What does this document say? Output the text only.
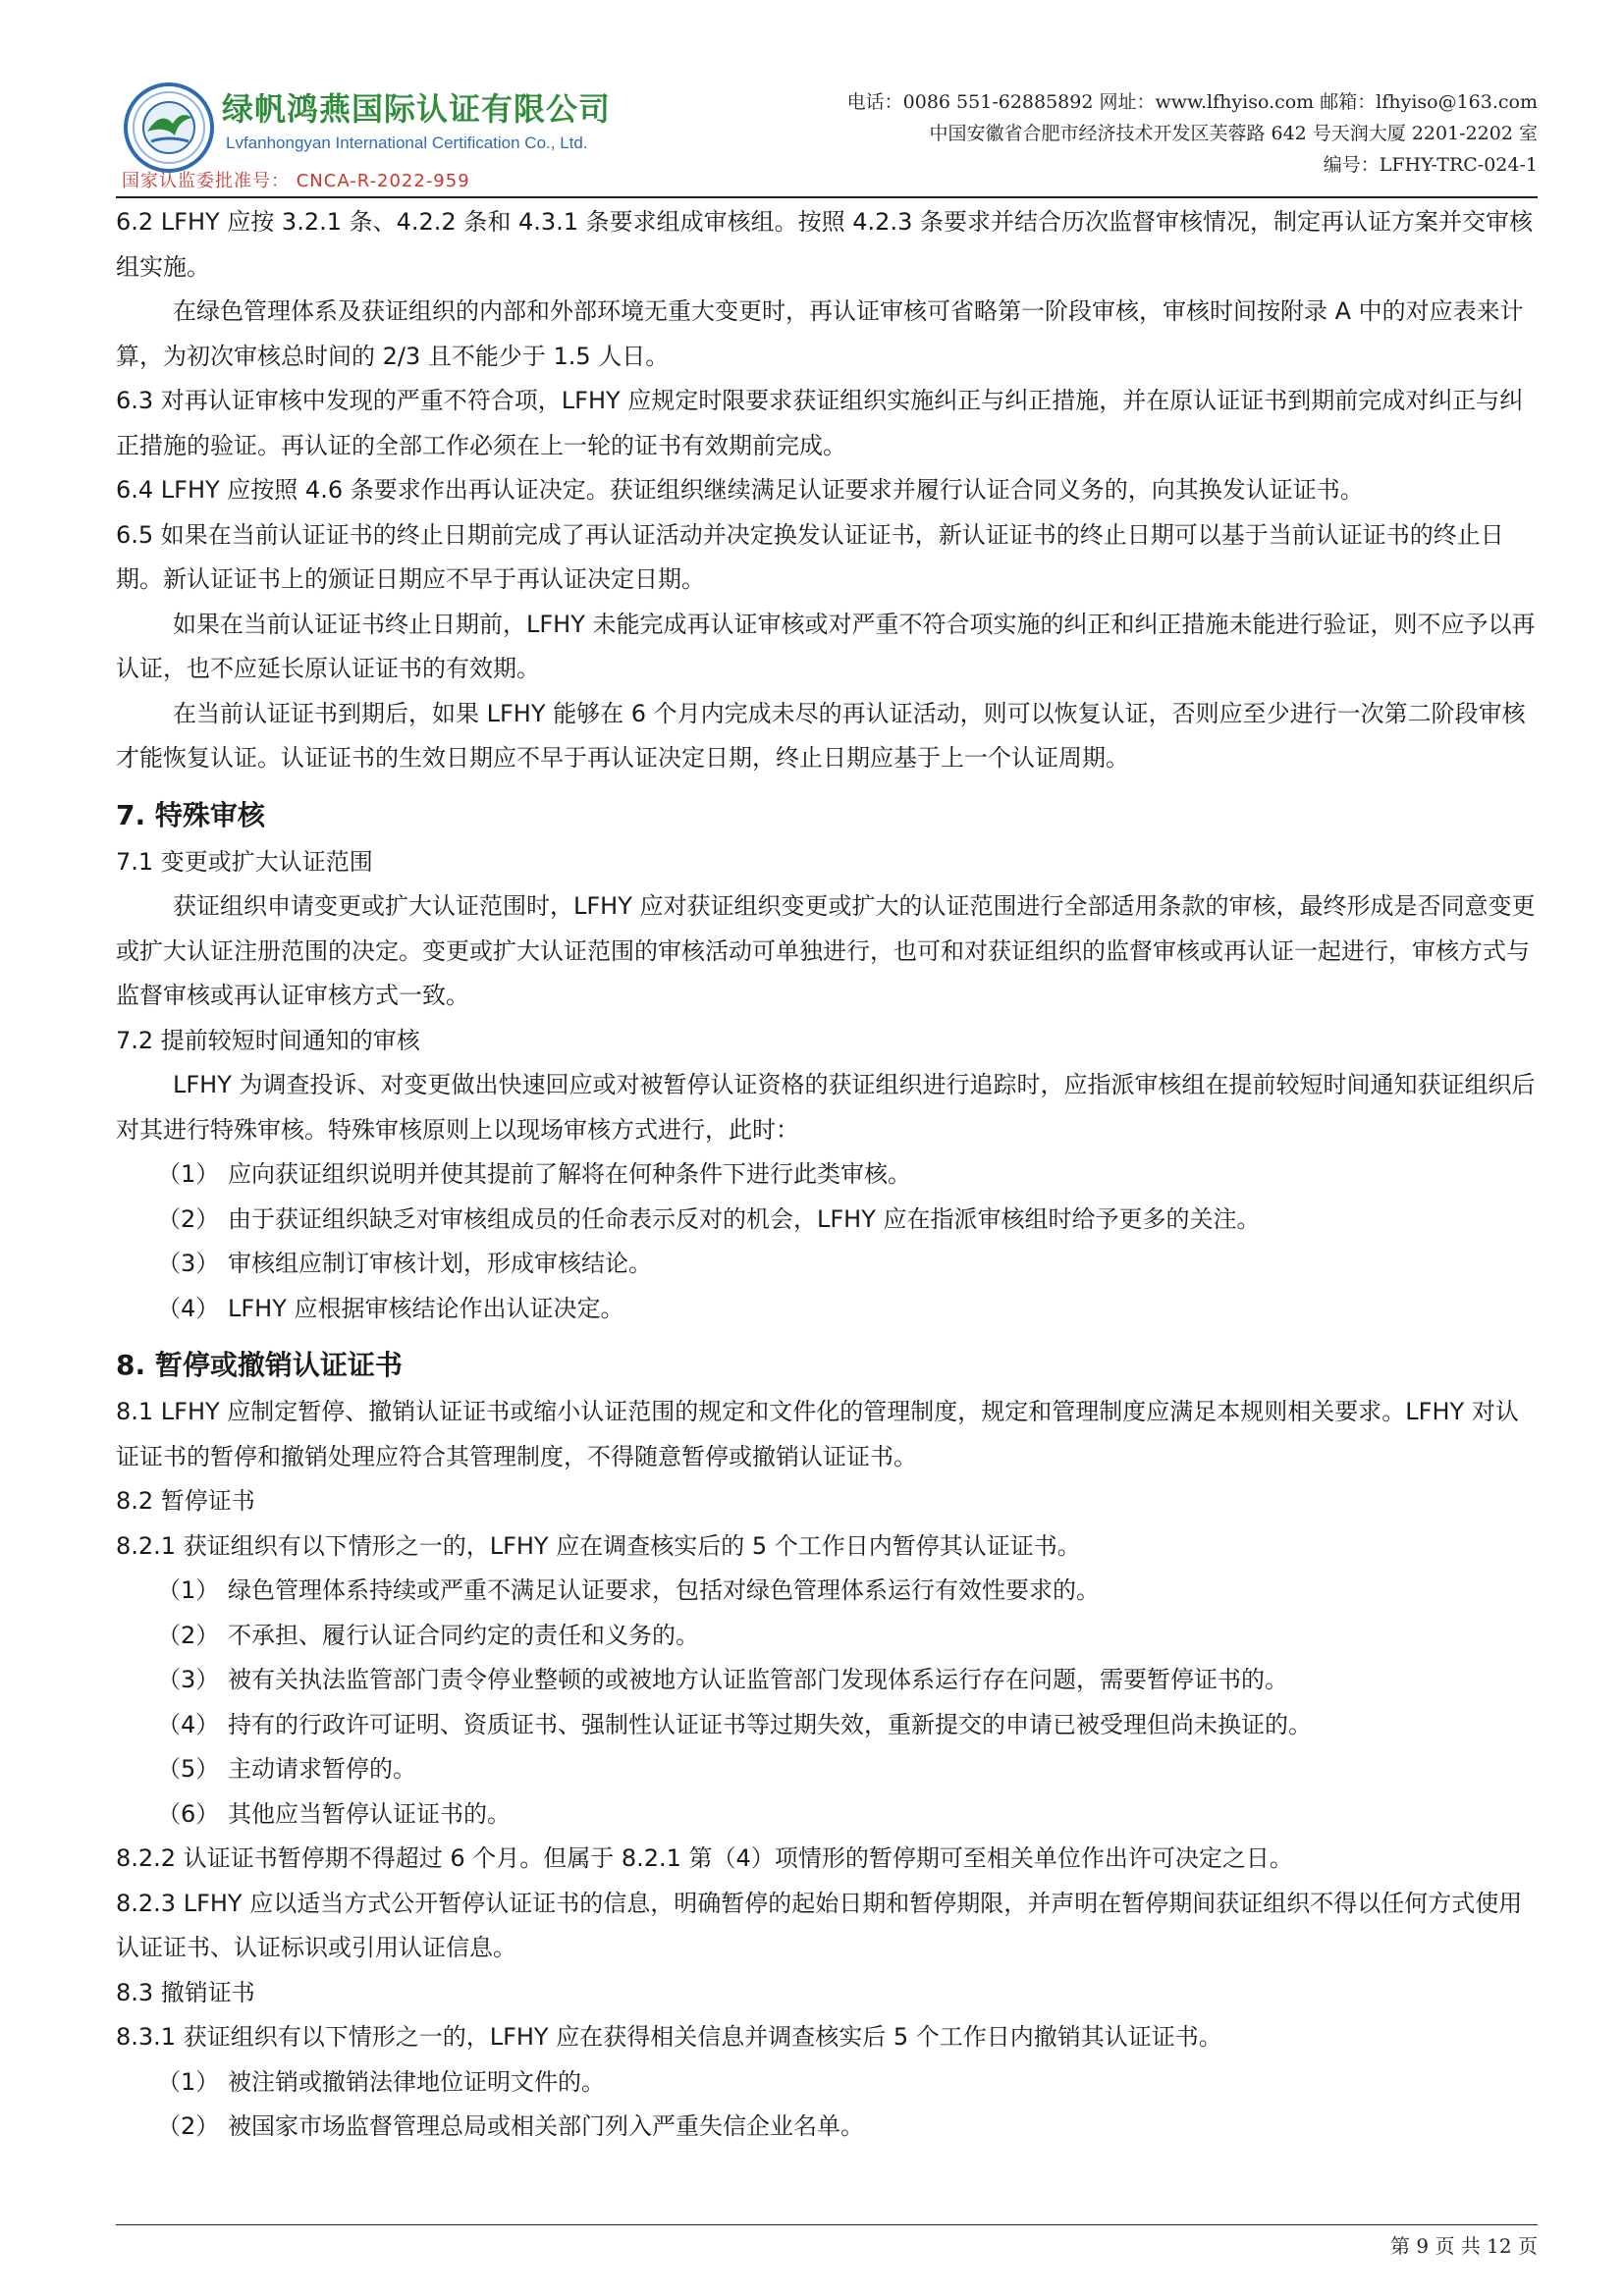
绿帆鸿燕国际认证有限公司
Lvfanhongyan International Certification Co., Ltd.
国家认监委批准号： CNCA-R-2022-959
电话：0086 551-62885892 网址：www.lfhyiso.com 邮箱：lfhyiso@163.com
中国安徽省合肥市经济技术开发区芙蓉路 642 号天润大厦 2201-2202 室
编号：LFHY-TRC-024-1

6.2 LFHY 应按 3.2.1 条、4.2.2 条和 4.3.1 条要求组成审核组。按照 4.2.3 条要求并结合历次监督审核情况，制定再认证方案并交审核组实施。

在绿色管理体系及获证组织的内部和外部环境无重大变更时，再认证审核可省略第一阶段审核，审核时间按附录 A 中的对应表来计算，为初次审核总时间的 2/3 且不能少于 1.5 人日。

6.3 对再认证审核中发现的严重不符合项，LFHY 应规定时限要求获证组织实施纠正与纠正措施，并在原认证证书到期前完成对纠正与纠正措施的验证。再认证的全部工作必须在上一轮的证书有效期前完成。

6.4 LFHY 应按照 4.6 条要求作出再认证决定。获证组织继续满足认证要求并履行认证合同义务的，向其换发认证证书。

6.5 如果在当前认证证书的终止日期前完成了再认证活动并决定换发认证证书，新认证证书的终止日期可以基于当前认证证书的终止日期。新认证证书上的颁证日期应不早于再认证决定日期。

如果在当前认证证书终止日期前，LFHY 未能完成再认证审核或对严重不符合项实施的纠正和纠正措施未能进行验证，则不应予以再认证，也不应延长原认证证书的有效期。

在当前认证证书到期后，如果 LFHY 能够在 6 个月内完成未尽的再认证活动，则可以恢复认证，否则应至少进行一次第二阶段审核才能恢复认证。认证证书的生效日期应不早于再认证决定日期，终止日期应基于上一个认证周期。

7. 特殊审核

7.1 变更或扩大认证范围

获证组织申请变更或扩大认证范围时，LFHY 应对获证组织变更或扩大的认证范围进行全部适用条款的审核，最终形成是否同意变更或扩大认证注册范围的决定。变更或扩大认证范围的审核活动可单独进行，也可和对获证组织的监督审核或再认证一起进行，审核方式与监督审核或再认证审核方式一致。

7.2 提前较短时间通知的审核

LFHY 为调查投诉、对变更做出快速回应或对被暂停认证资格的获证组织进行追踪时，应指派审核组在提前较短时间通知获证组织后对其进行特殊审核。特殊审核原则上以现场审核方式进行，此时：

（1） 应向获证组织说明并使其提前了解将在何种条件下进行此类审核。

（2） 由于获证组织缺乏对审核组成员的任命表示反对的机会，LFHY 应在指派审核组时给予更多的关注。

（3） 审核组应制订审核计划，形成审核结论。

（4） LFHY 应根据审核结论作出认证决定。

8. 暂停或撤销认证证书

8.1 LFHY 应制定暂停、撤销认证证书或缩小认证范围的规定和文件化的管理制度，规定和管理制度应满足本规则相关要求。LFHY 对认证证书的暂停和撤销处理应符合其管理制度，不得随意暂停或撤销认证证书。

8.2 暂停证书

8.2.1 获证组织有以下情形之一的，LFHY 应在调查核实后的 5 个工作日内暂停其认证证书。

（1） 绿色管理体系持续或严重不满足认证要求，包括对绿色管理体系运行有效性要求的。

（2） 不承担、履行认证合同约定的责任和义务的。

（3） 被有关执法监管部门责令停业整顿的或被地方认证监管部门发现体系运行存在问题，需要暂停证书的。

（4） 持有的行政许可证明、资质证书、强制性认证证书等过期失效，重新提交的申请已被受理但尚未换证的。

（5） 主动请求暂停的。

（6） 其他应当暂停认证证书的。

8.2.2 认证证书暂停期不得超过 6 个月。但属于 8.2.1 第（4）项情形的暂停期可至相关单位作出许可决定之日。

8.2.3 LFHY 应以适当方式公开暂停认证证书的信息，明确暂停的起始日期和暂停期限，并声明在暂停期间获证组织不得以任何方式使用认证证书、认证标识或引用认证信息。

8.3 撤销证书

8.3.1 获证组织有以下情形之一的，LFHY 应在获得相关信息并调查核实后 5 个工作日内撤销其认证证书。

（1） 被注销或撤销法律地位证明文件的。

（2） 被国家市场监督管理总局或相关部门列入严重失信企业名单。

第 9 页 共 12 页
